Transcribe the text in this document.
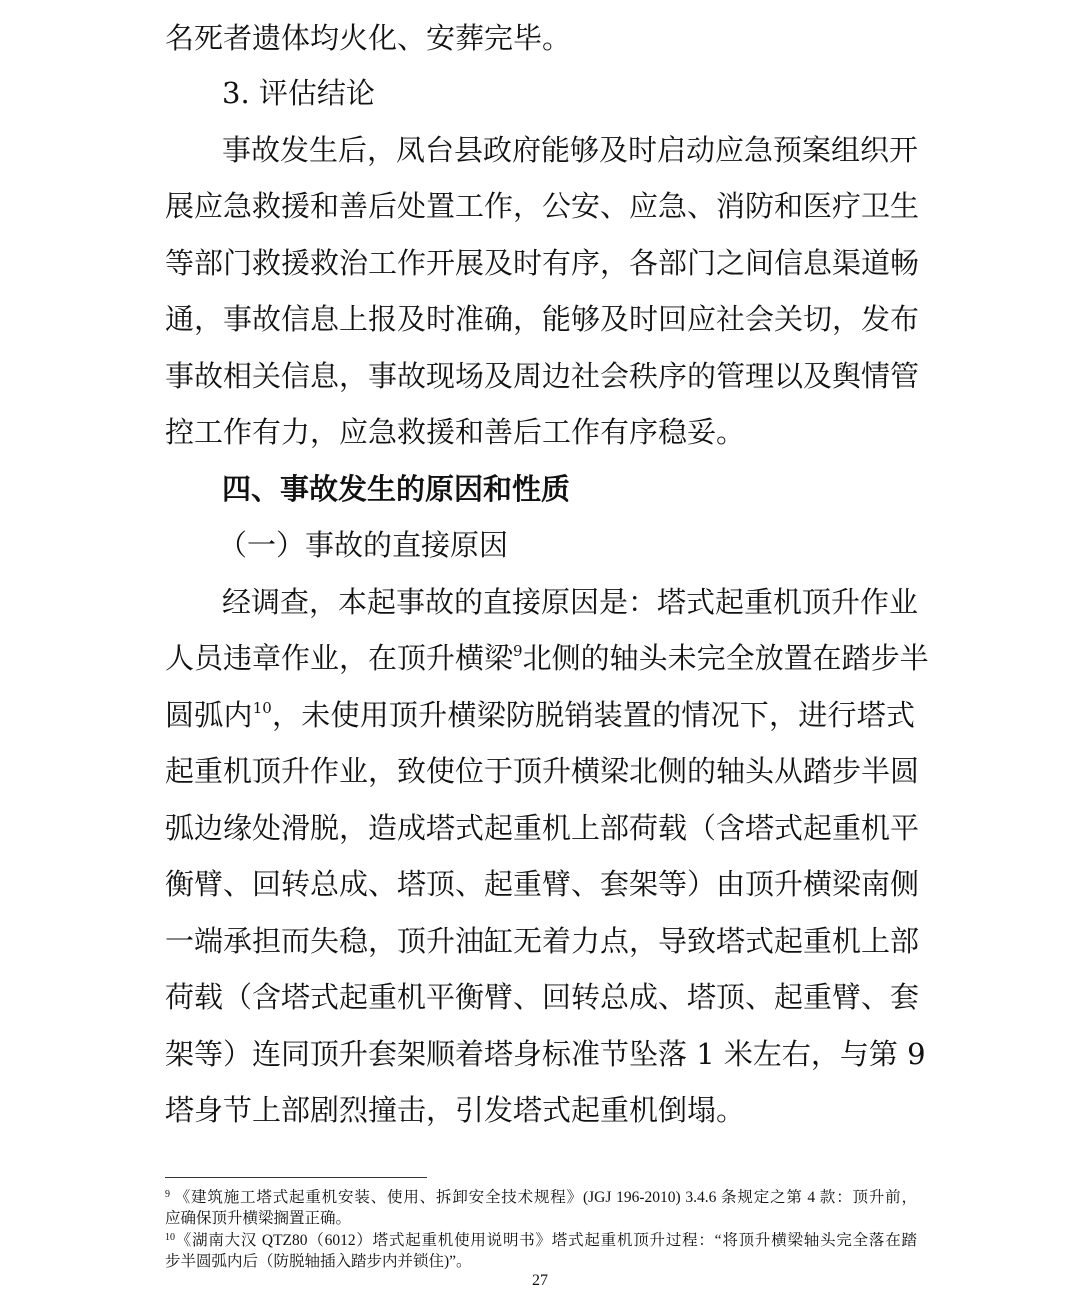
名死者遗体均火化、安葬完毕。
3. 评估结论
事故发生后，凤台县政府能够及时启动应急预案组织开
展应急救援和善后处置工作，公安、应急、消防和医疗卫生
等部门救援救治工作开展及时有序，各部门之间信息渠道畅
通，事故信息上报及时准确，能够及时回应社会关切，发布
事故相关信息，事故现场及周边社会秩序的管理以及舆情管
控工作有力，应急救援和善后工作有序稳妥。
四、事故发生的原因和性质
（一）事故的直接原因
经调查，本起事故的直接原因是：塔式起重机顶升作业
人员违章作业，在顶升横梁$^9$北侧的轴头未完全放置在踏步半
圆弧内$^{10}$，未使用顶升横梁防脱销装置的情况下，进行塔式
起重机顶升作业，致使位于顶升横梁北侧的轴头从踏步半圆
弧边缘处滑脱，造成塔式起重机上部荷载（含塔式起重机平
衡臂、回转总成、塔顶、起重臂、套架等）由顶升横梁南侧
一端承担而失稳，顶升油缸无着力点，导致塔式起重机上部
荷载（含塔式起重机平衡臂、回转总成、塔顶、起重臂、套
架等）连同顶升套架顺着塔身标准节坠落 1 米左右，与第 9
塔身节上部剧烈撞击，引发塔式起重机倒塌。
$^9$ 《建筑施工塔式起重机安装、使用、拆卸安全技术规程》(JGJ 196-2010) 3.4.6 条规定之第 4 款：顶升前，
应确保顶升横梁搁置正确。
$^{10}$《湖南大汉 QTZ80（6012）塔式起重机使用说明书》塔式起重机顶升过程：“将顶升横梁轴头完全落在踏
步半圆弧内后（防脱轴插入踏步内并锁住)”。
27
